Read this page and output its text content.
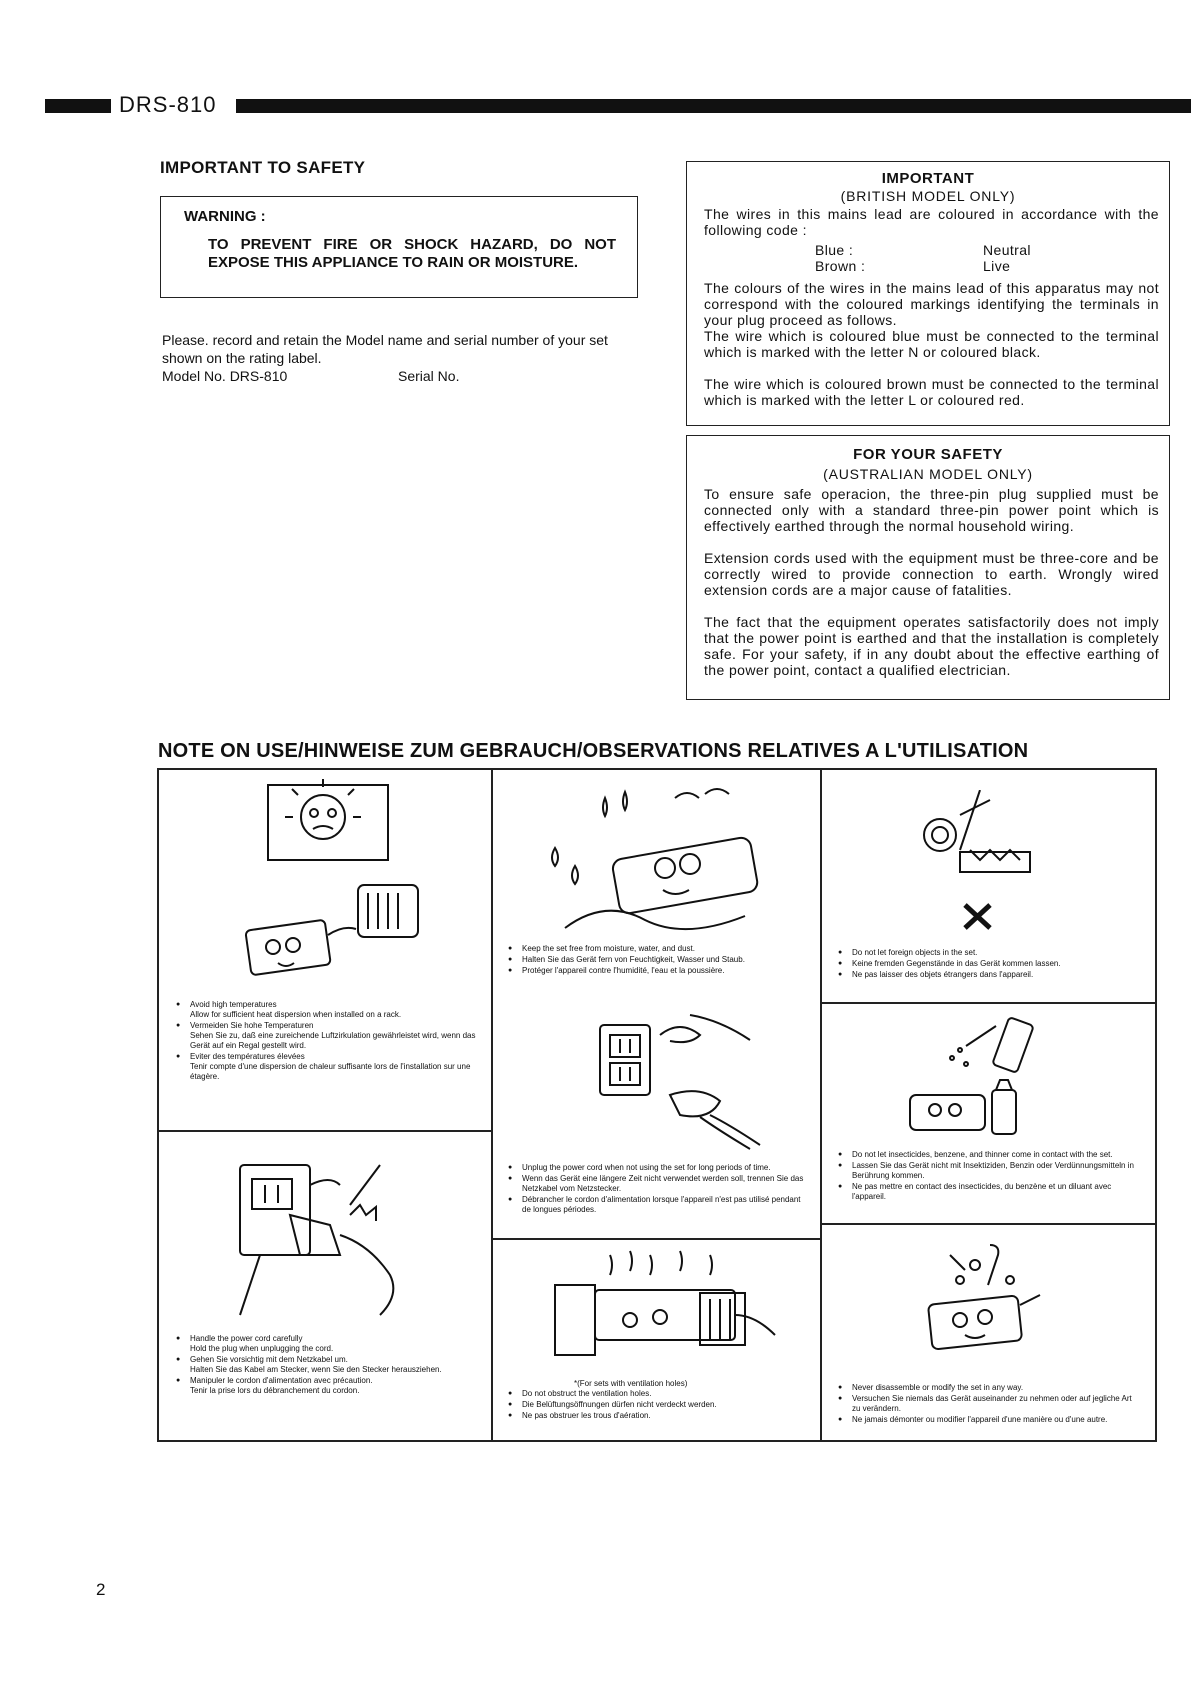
DRS-810
IMPORTANT TO SAFETY
WARNING :
TO PREVENT FIRE OR SHOCK HAZARD, DO NOT EXPOSE THIS APPLIANCE TO RAIN OR MOISTURE.
Please. record and retain the Model name and serial number of your set shown on the rating label.
Model No. DRS-810	Serial No.
IMPORTANT
(BRITISH MODEL ONLY)
The wires in this mains lead are coloured in accordance with the following code :
Blue :	Neutral
Brown :	Live
The colours of the wires in the mains lead of this apparatus may not correspond with the coloured markings identifying the terminals in your plug proceed as follows.
The wire which is coloured blue must be connected to the terminal which is marked with the letter N or coloured black.
The wire which is coloured brown must be connected to the terminal which is marked with the letter L or coloured red.
FOR YOUR SAFETY
(AUSTRALIAN MODEL ONLY)
To ensure safe operacion, the three-pin plug supplied must be connected only with a standard three-pin power point which is effectively earthed through the normal household wiring.
Extension cords used with the equipment must be three-core and be correctly wired to provide connection to earth. Wrongly wired extension cords are a major cause of fatalities.
The fact that the equipment operates satisfactorily does not imply that the power point is earthed and that the installation is completely safe. For your safety, if in any doubt about the effective earthing of the power point, contact a qualified electrician.
NOTE ON USE/HINWEISE ZUM GEBRAUCH/OBSERVATIONS RELATIVES A L'UTILISATION
● Avoid high temperatures
Allow for sufficient heat dispersion when installed on a rack.
● Vermeiden Sie hohe Temperaturen
Sehen Sie zu, daß eine zureichende Luftzirkulation gewährleistet wird, wenn das Gerät auf ein Regal gestellt wird.
● Eviter des températures élevées
Tenir compte d'une dispersion de chaleur suffisante lors de l'installation sur une étagère.
● Keep the set free from moisture, water, and dust.
● Halten Sie das Gerät fern von Feuchtigkeit, Wasser und Staub.
● Protéger l'appareil contre l'humidité, l'eau et la poussière.
● Do not let foreign objects in the set.
● Keine fremden Gegenstände in das Gerät kommen lassen.
● Ne pas laisser des objets étrangers dans l'appareil.
● Unplug the power cord when not using the set for long periods of time.
● Wenn das Gerät eine längere Zeit nicht verwendet werden soll, trennen Sie das Netzkabel vom Netzstecker.
● Débrancher le cordon d'alimentation lorsque l'appareil n'est pas utilisé pendant de longues périodes.
● Do not let insecticides, benzene, and thinner come in contact with the set.
● Lassen Sie das Gerät nicht mit Insektiziden, Benzin oder Verdünnungsmitteln in Berührung kommen.
● Ne pas mettre en contact des insecticides, du benzène et un diluant avec l'appareil.
● Handle the power cord carefully
Hold the plug when unplugging the cord.
● Gehen Sie vorsichtig mit dem Netzkabel um.
Halten Sie das Kabel am Stecker, wenn Sie den Stecker herausziehen.
● Manipuler le cordon d'alimentation avec précaution.
Tenir la prise lors du débranchement du cordon.
*(For sets with ventilation holes)
● Do not obstruct the ventilation holes.
● Die Belüftungsöffnungen dürfen nicht verdeckt werden.
● Ne pas obstruer les trous d'aération.
● Never disassemble or modify the set in any way.
● Versuchen Sie niemals das Gerät auseinander zu nehmen oder auf jegliche Art zu verändern.
● Ne jamais démonter ou modifier l'appareil d'une manière ou d'une autre.
2
